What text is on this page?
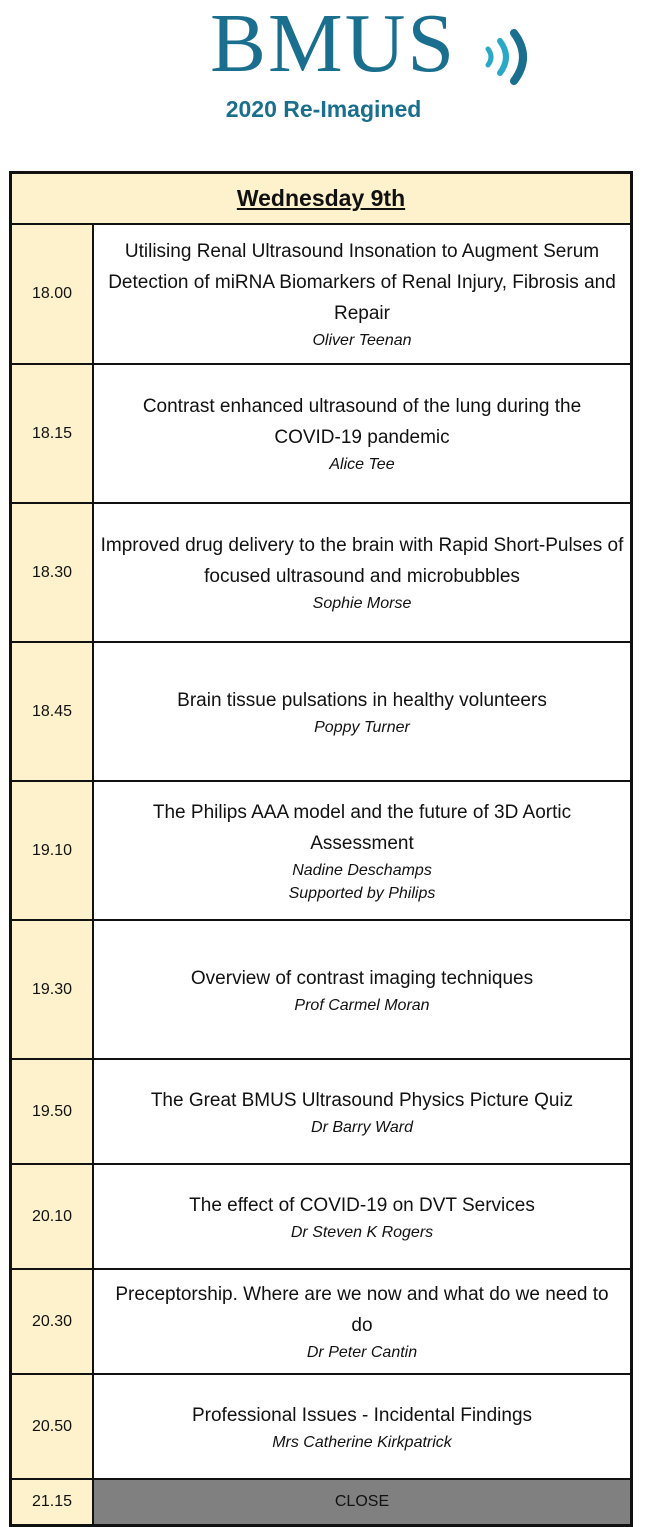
BMUS
2020 Re-Imagined
Wednesday 9th
18.00
Utilising Renal Ultrasound Insonation to Augment Serum Detection of miRNA Biomarkers of Renal Injury, Fibrosis and Repair
Oliver Teenan
18.15
Contrast enhanced ultrasound of the lung during the COVID-19 pandemic
Alice Tee
18.30
Improved drug delivery to the brain with Rapid Short-Pulses of focused ultrasound and microbubbles
Sophie Morse
18.45
Brain tissue pulsations in healthy volunteers
Poppy Turner
19.10
The Philips AAA model and the future of 3D Aortic Assessment
Nadine Deschamps
Supported by Philips
19.30
Overview of contrast imaging techniques
Prof Carmel Moran
19.50
The Great BMUS Ultrasound Physics Picture Quiz
Dr Barry Ward
20.10
The effect of COVID-19 on DVT Services
Dr Steven K Rogers
20.30
Preceptorship. Where are we now and what do we need to do
Dr Peter Cantin
20.50
Professional Issues - Incidental Findings
Mrs Catherine Kirkpatrick
21.15	CLOSE
